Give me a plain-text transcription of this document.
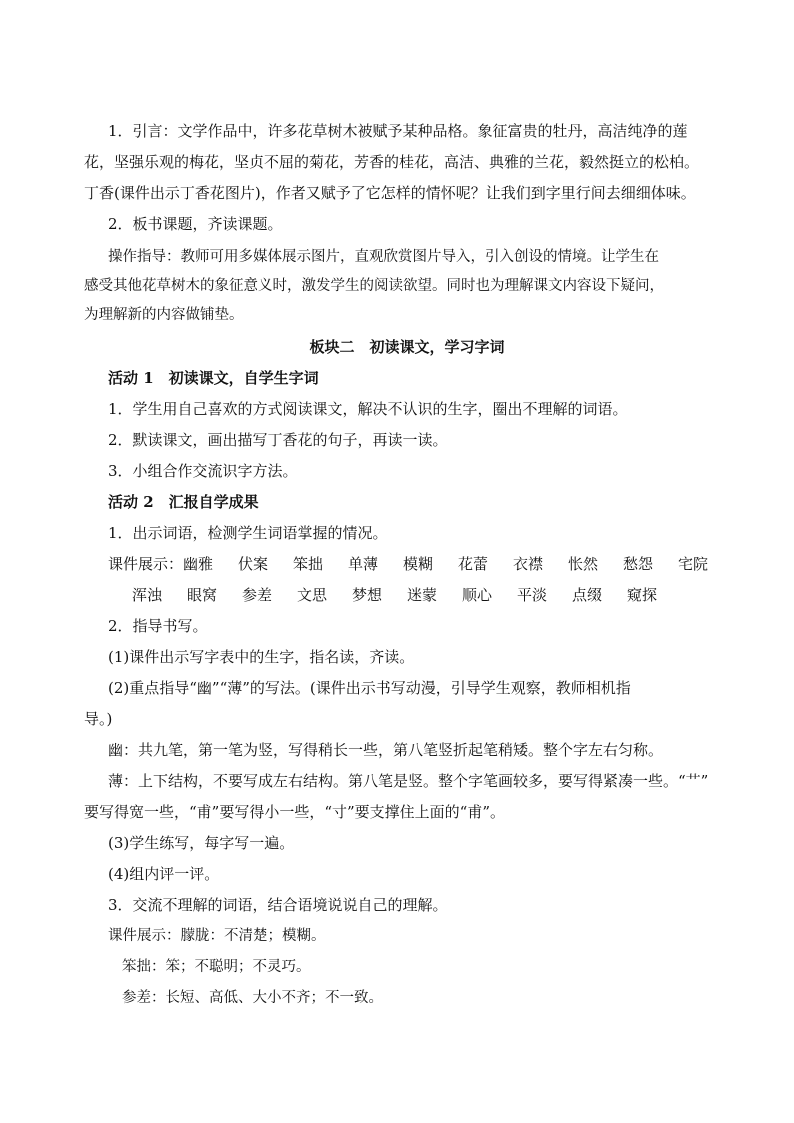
1．引言：文学作品中，许多花草树木被赋予某种品格。象征富贵的牡丹，高洁纯净的莲
花，坚强乐观的梅花，坚贞不屈的菊花，芳香的桂花，高洁、典雅的兰花，毅然挺立的松柏。
丁香(课件出示丁香花图片)，作者又赋予了它怎样的情怀呢？让我们到字里行间去细细体味。
2．板书课题，齐读课题。
操作指导：教师可用多媒体展示图片，直观欣赏图片导入，引入创设的情境。让学生在
感受其他花草树木的象征意义时，激发学生的阅读欲望。同时也为理解课文内容设下疑问，
为理解新的内容做铺垫。
板块二　初读课文，学习字词
活动 1　初读课文，自学生字词
1．学生用自己喜欢的方式阅读课文，解决不认识的生字，圈出不理解的词语。
2．默读课文，画出描写丁香花的句子，再读一读。
3．小组合作交流识字方法。
活动 2　汇报自学成果
1．出示词语，检测学生词语掌握的情况。
课件展示：幽雅 伏案 笨拙 单薄 模糊 花蕾 衣襟 怅然 愁怨 宅院
浑浊 眼窝 参差 文思 梦想 迷蒙 顺心 平淡 点缀 窥探
2．指导书写。
(1)课件出示写字表中的生字，指名读，齐读。
(2)重点指导“幽”“薄”的写法。(课件出示书写动漫，引导学生观察，教师相机指
导。)
幽：共九笔，第一笔为竖，写得稍长一些，第八笔竖折起笔稍矮。整个字左右匀称。
薄：上下结构，不要写成左右结构。第八笔是竖。整个字笔画较多，要写得紧凑一些。“艹”
要写得宽一些，“甫”要写得小一些，“寸”要支撑住上面的“甫”。
(3)学生练写，每字写一遍。
(4)组内评一评。
3．交流不理解的词语，结合语境说说自己的理解。
课件展示：朦胧：不清楚；模糊。
笨拙：笨；不聪明；不灵巧。
参差：长短、高低、大小不齐；不一致。
